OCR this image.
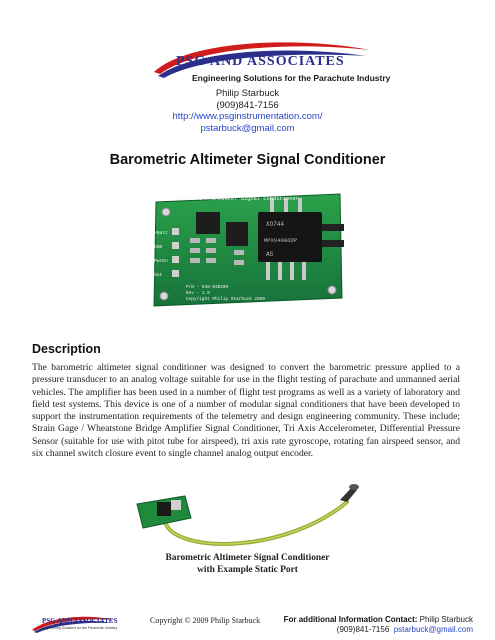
PSG AND ASSOCIATES
Engineering Solutions for the Parachute Industry
Philip Starbuck
(909)841-7156
http://www.psginstrumentation.com/
pstarbuck@gmail.com
Barometric Altimeter Signal Conditioner
Pressure Transducer Signal Conditioner
+Batt
GND
PwrEn
Out
P/N - 540-030209
Rev - 1.0
Copyright Philip Starbuck 2009
XO744
MPXV4006DP
AS
Description

The barometric altimeter signal conditioner was designed to convert the barometric pressure applied to a pressure transducer to an analog voltage suitable for use in the flight testing of parachute and unmanned aerial vehicles. The amplifier has been used in a number of flight test programs as well as a variety of laboratory and field test systems. This device is one of a number of modular signal conditioners that have been developed to support the instrumentation requirements of the telemetry and design engineering community. These include; Strain Gage / Wheatstone Bridge Amplifier Signal Conditioner, Tri Axis Accelerometer, Differential Pressure Sensor (suitable for use with pitot tube for airspeed), tri axis rate gyroscope, rotating fan airspeed sensor, and six channel switch closure event to single channel analog output encoder.

Barometric Altimeter Signal Conditioner
with Example Static Port
PSG AND ASSOCIATES
Engineering Solutions for the Parachute Industry
Copyright © 2009 Philip Starbuck	For additional Information Contact: Philip Starbuck
(909)841-7156 pstarbuck@gmail.com
